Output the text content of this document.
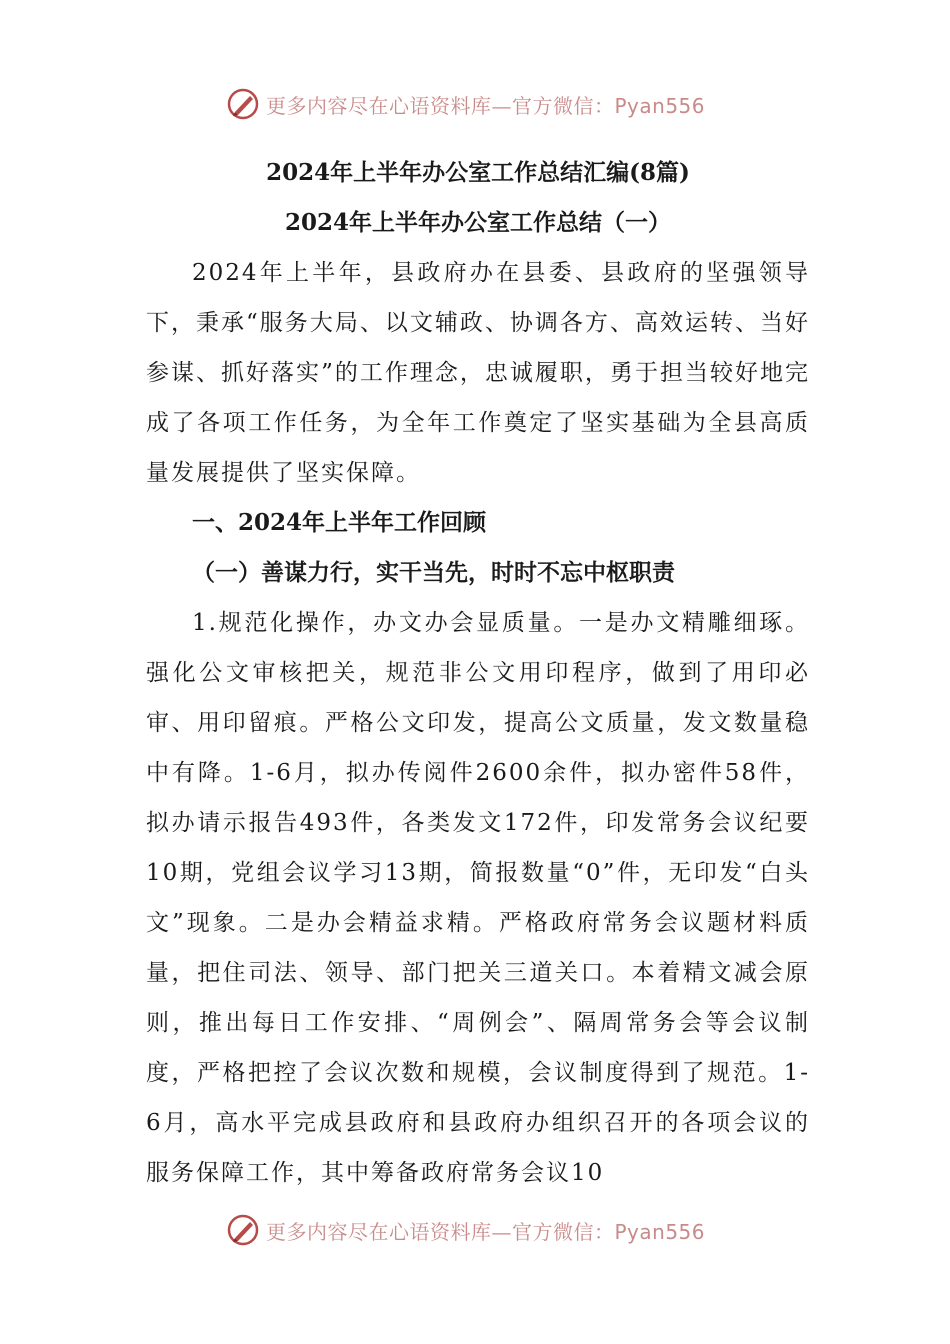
更多内容尽在心语资料库—官方微信：Pyan556
2024年上半年办公室工作总结汇编(8篇)
2024年上半年办公室工作总结（一）

2024年上半年，县政府办在县委、县政府的坚强领导下，秉承“服务大局、以文辅政、协调各方、高效运转、当好参谋、抓好落实”的工作理念，忠诚履职，勇于担当较好地完成了各项工作任务，为全年工作奠定了坚实基础为全县高质量发展提供了坚实保障。

一、2024年上半年工作回顾

（一）善谋力行，实干当先，时时不忘中枢职责

1.规范化操作，办文办会显质量。一是办文精雕细琢。强化公文审核把关，规范非公文用印程序，做到了用印必审、用印留痕。严格公文印发，提高公文质量，发文数量稳中有降。1-6月，拟办传阅件2600余件，拟办密件58件，拟办请示报告493件，各类发文172件，印发常务会议纪要10期，党组会议学习13期，简报数量“0”件，无印发“白头文”现象。二是办会精益求精。严格政府常务会议题材料质量，把住司法、领导、部门把关三道关口。本着精文减会原则，推出每日工作安排、“周例会”、隔周常务会等会议制度，严格把控了会议次数和规模，会议制度得到了规范。1-6月，高水平完成县政府和县政府办组织召开的各项会议的服务保障工作，其中筹备政府常务会议10

更多内容尽在心语资料库—官方微信：Pyan556
